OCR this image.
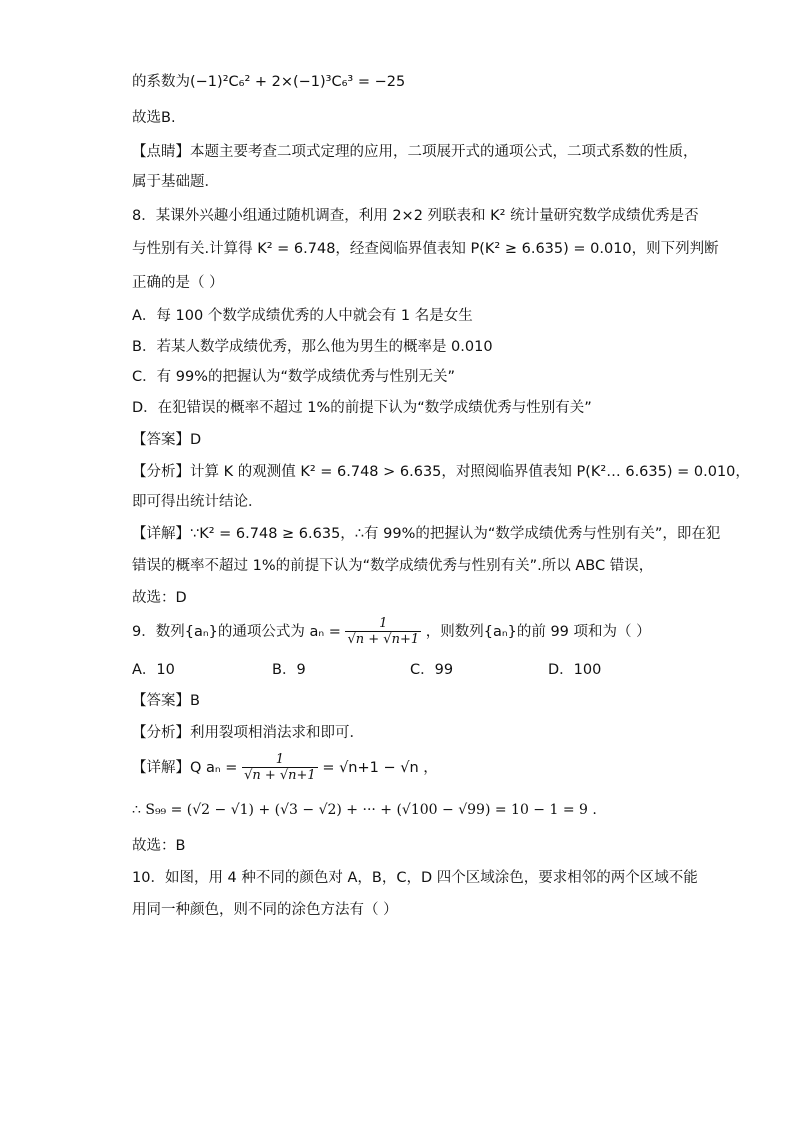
的系数为(−1)²C₆² + 2×(−1)³C₆³ = −25
故选B.
【点睛】本题主要考查二项式定理的应用，二项展开式的通项公式，二项式系数的性质，
属于基础题．
8．某课外兴趣小组通过随机调查，利用 2×2 列联表和 K² 统计量研究数学成绩优秀是否
与性别有关.计算得 K² = 6.748，经查阅临界值表知 P(K² ≥ 6.635) = 0.010，则下列判断
正确的是（ ）
A．每 100 个数学成绩优秀的人中就会有 1 名是女生
B．若某人数学成绩优秀，那么他为男生的概率是 0.010
C．有 99%的把握认为“数学成绩优秀与性别无关”
D．在犯错误的概率不超过 1%的前提下认为“数学成绩优秀与性别有关”
【答案】D
【分析】计算 K 的观测值 K² = 6.748 > 6.635，对照阅临界值表知 P(K²… 6.635) = 0.010，
即可得出统计结论．
【详解】∵K² = 6.748 ≥ 6.635，∴有 99%的把握认为“数学成绩优秀与性别有关”，即在犯
错误的概率不超过 1%的前提下认为“数学成绩优秀与性别有关”.所以 ABC 错误，
故选：D
9．数列{aₙ}的通项公式为 $a_n = \frac{1}{√n + √n+1}$ ，则数列{aₙ}的前 99 项和为（ ）
A．10	B．9	C．99	D．100
【答案】B
【分析】利用裂项相消法求和即可．
【详解】Q $a_n = \frac{1}{√n + √n+1} = √n+1 - √n$ ，
∴ S₉₉ = (√2 − √1) + (√3 − √2) + ··· + (√100 − √99) = 10 − 1 = 9 .
故选：B
10．如图，用 4 种不同的颜色对 A，B，C，D 四个区域涂色，要求相邻的两个区域不能
用同一种颜色，则不同的涂色方法有（ ）
